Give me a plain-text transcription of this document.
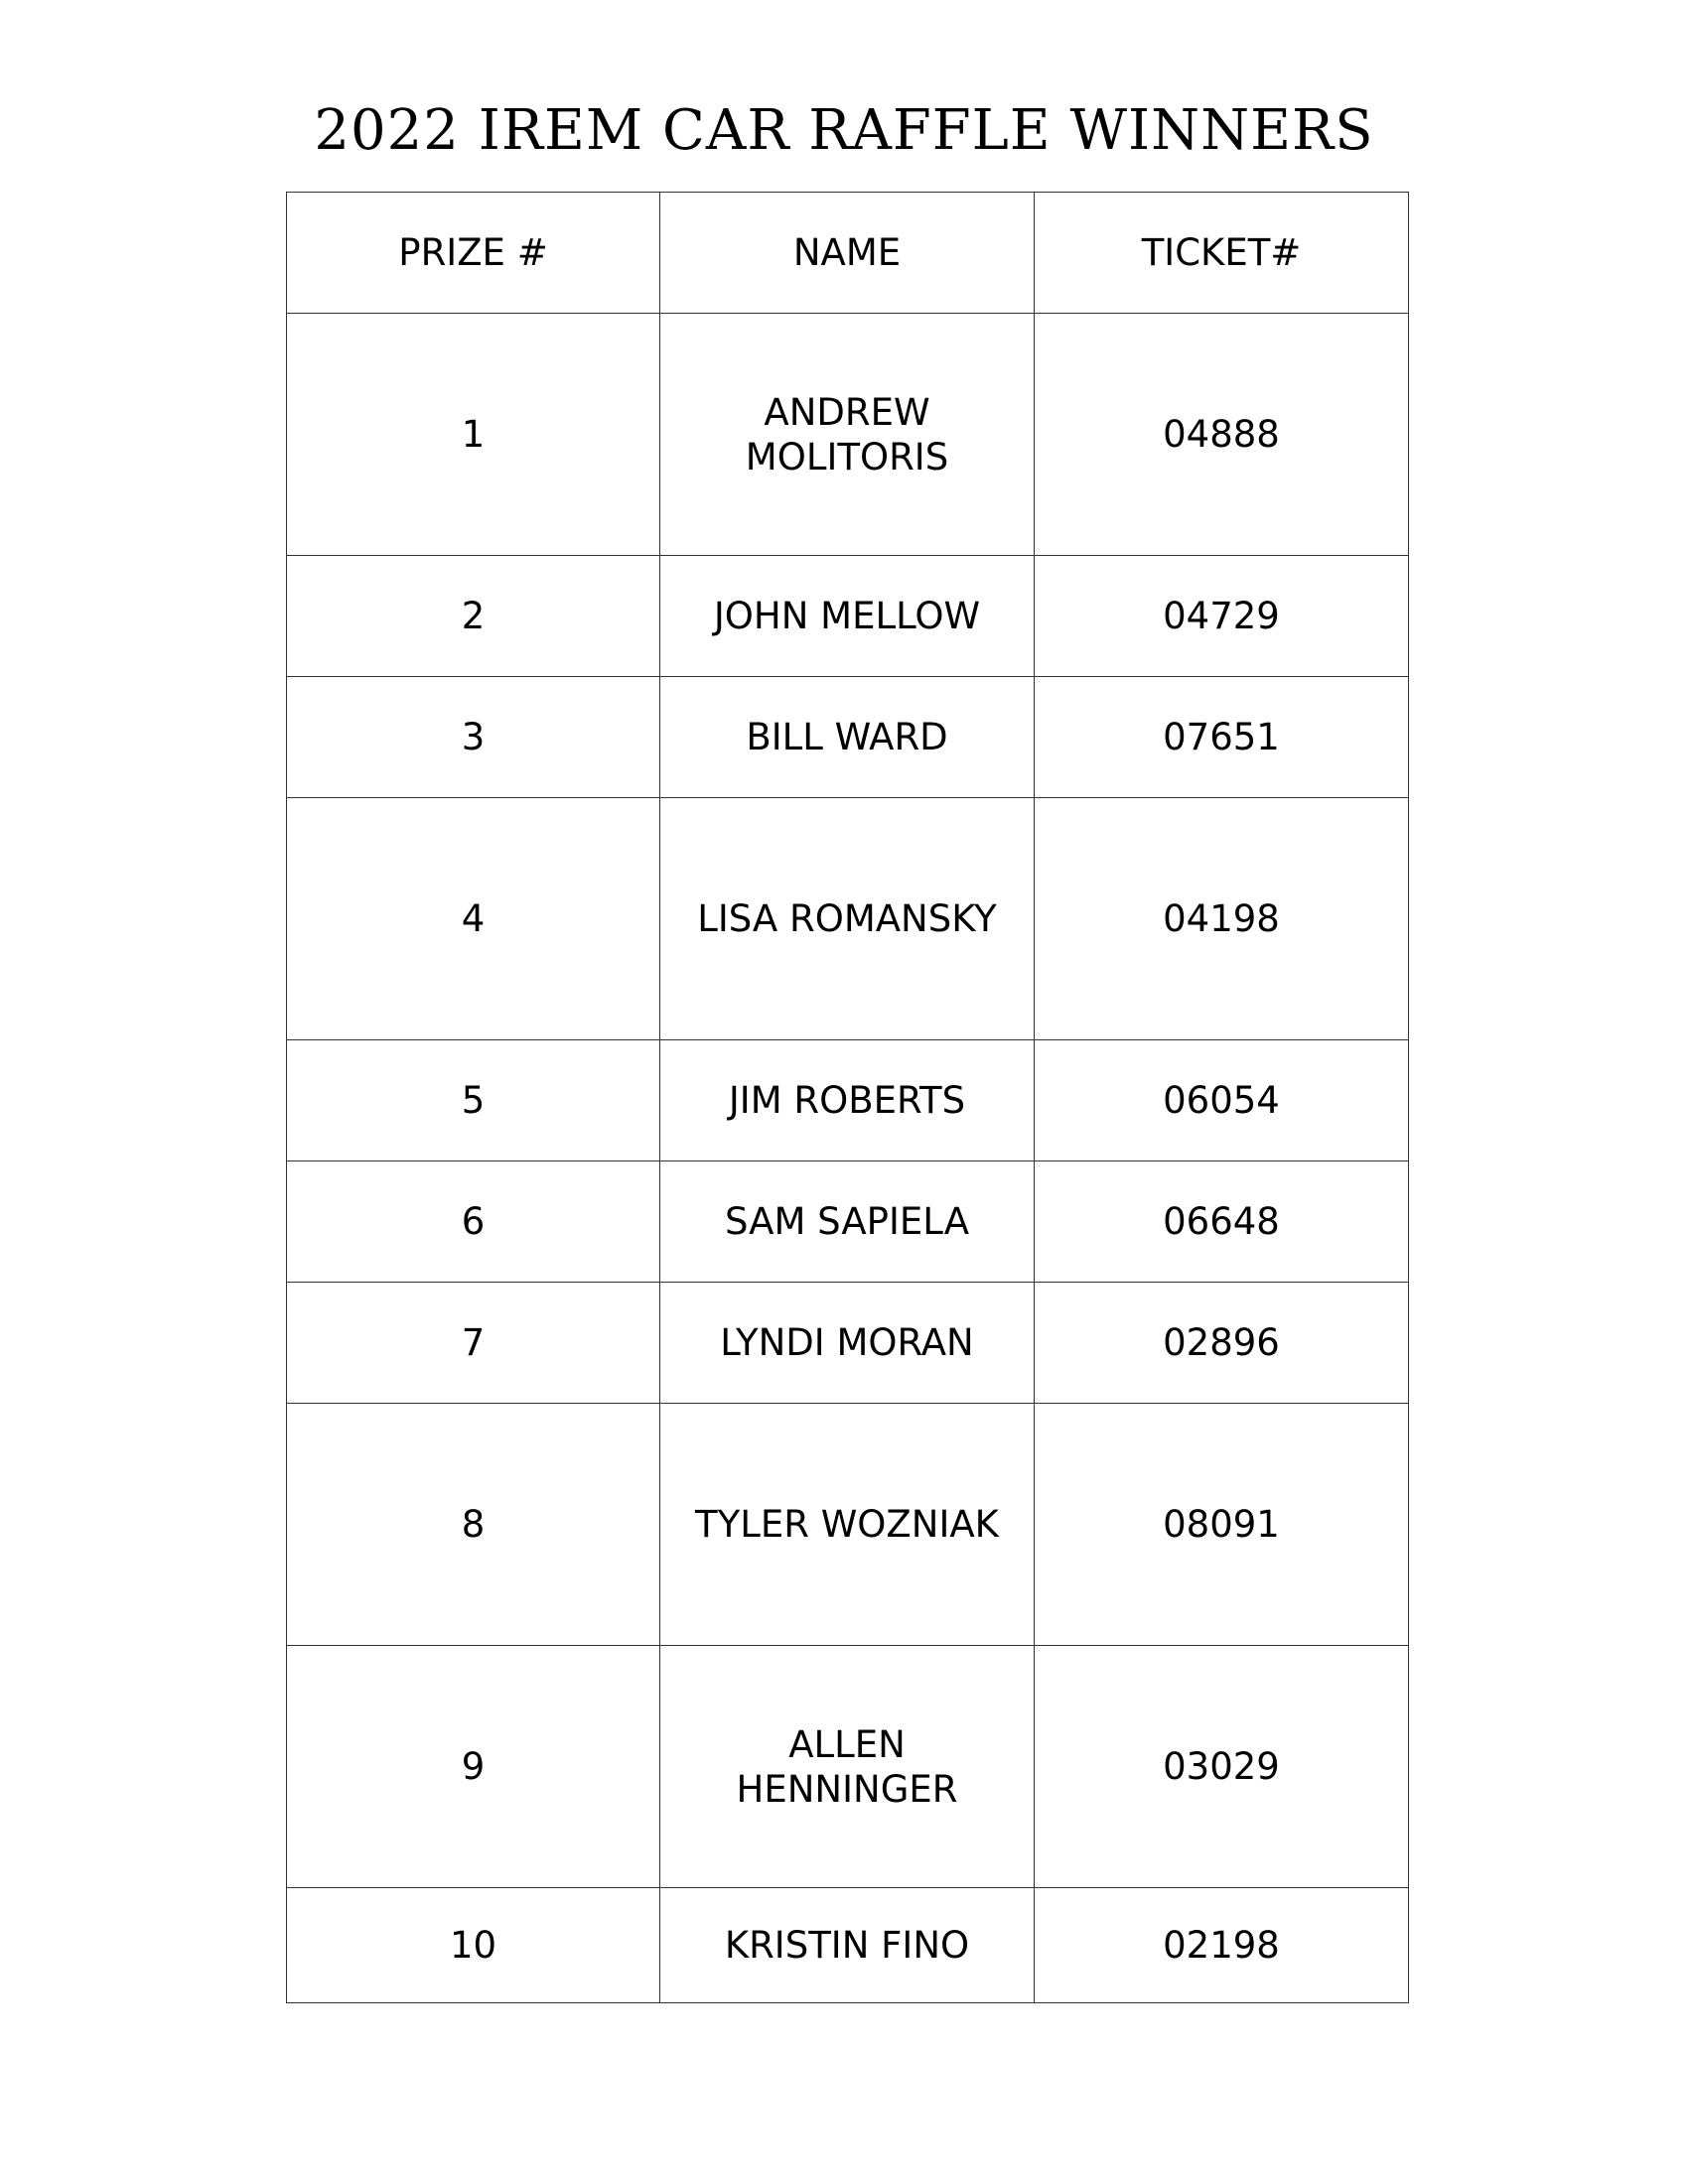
2022 IREM CAR RAFFLE WINNERS
PRIZE #	NAME	TICKET#
1	ANDREW MOLITORIS	04888
2	JOHN MELLOW	04729
3	BILL WARD	07651
4	LISA ROMANSKY	04198
5	JIM ROBERTS	06054
6	SAM SAPIELA	06648
7	LYNDI MORAN	02896
8	TYLER WOZNIAK	08091
9	ALLEN HENNINGER	03029
10	KRISTIN FINO	02198
